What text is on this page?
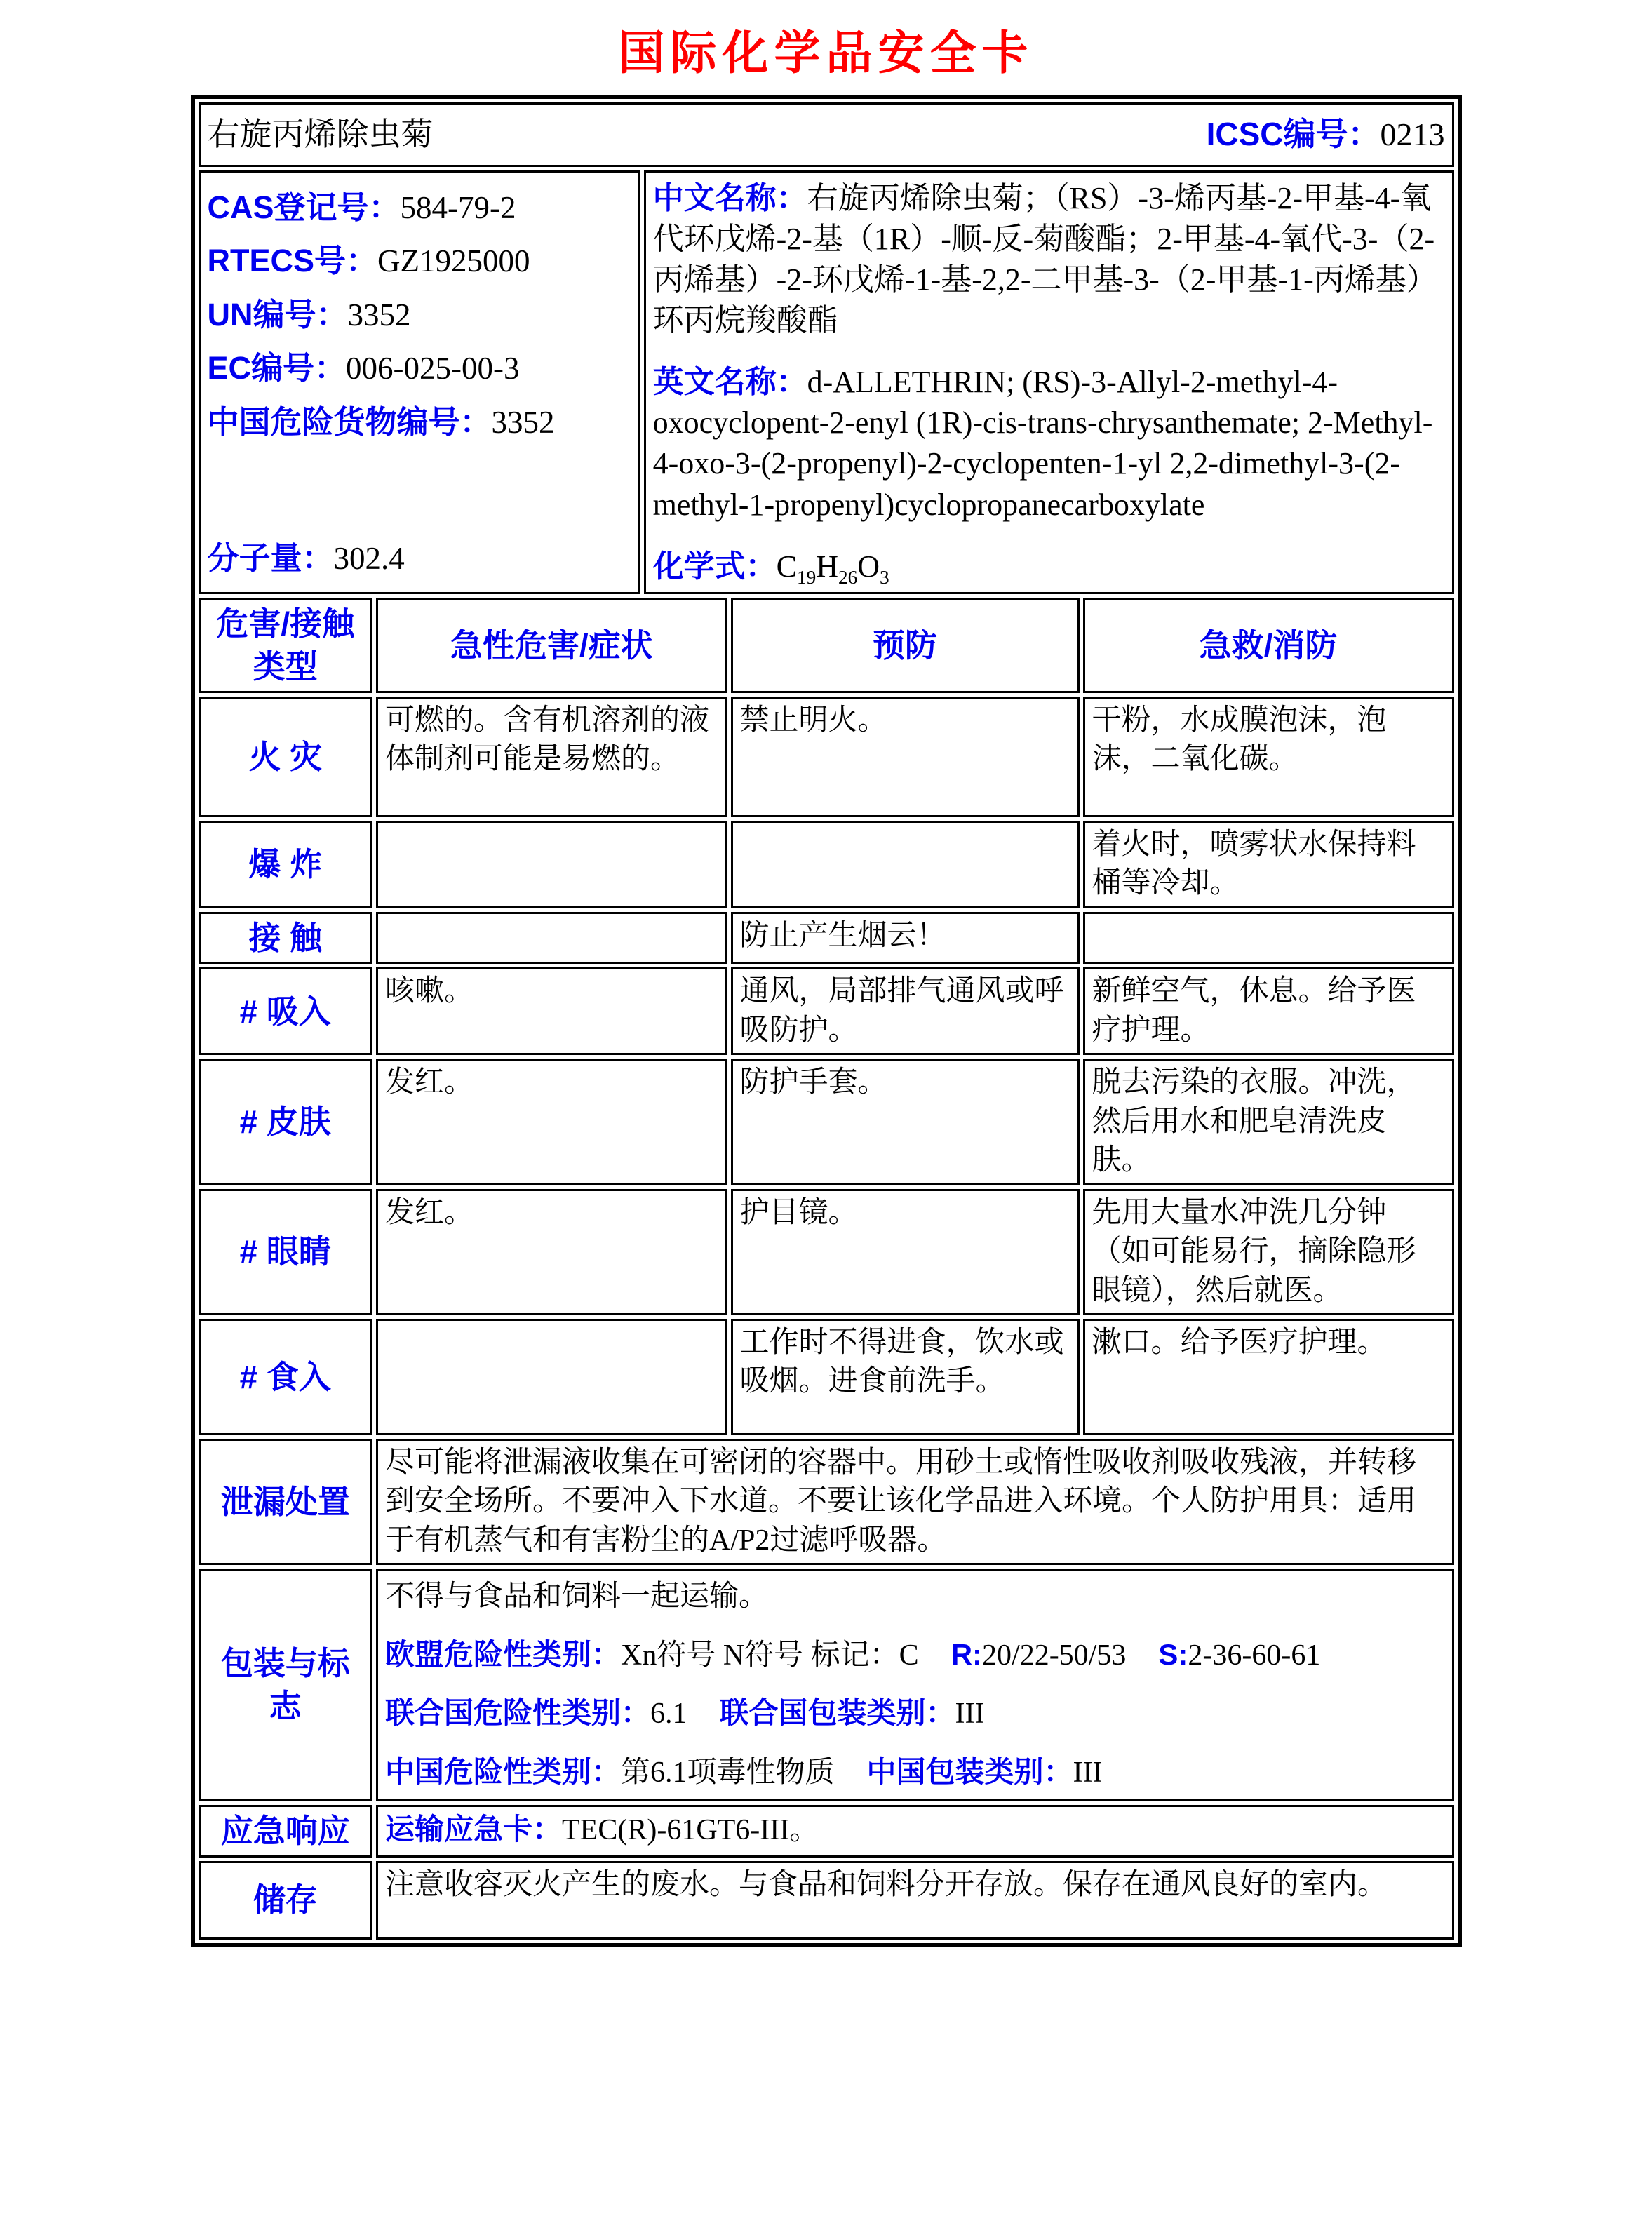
国际化学品安全卡
右旋丙烯除虫菊	ICSC编号：0213
CAS登记号：584-79-2
RTECS号：GZ1925000
UN编号：3352
EC编号：006-025-00-3
中国危险货物编号：3352
分子量：302.4

中文名称：右旋丙烯除虫菊；（RS）-3-烯丙基-2-甲基-4-氧代环戊烯-2-基（1R）-顺-反-菊酸酯；2-甲基-4-氧代-3-（2-丙烯基）-2-环戊烯-1-基-2,2-二甲基-3-（2-甲基-1-丙烯基）环丙烷羧酸酯
英文名称：d-ALLETHRIN; (RS)-3-Allyl-2-methyl-4-oxocyclopent-2-enyl (1R)-cis-trans-chrysanthemate; 2-Methyl-4-oxo-3-(2-propenyl)-2-cyclopenten-1-yl 2,2-dimethyl-3-(2-methyl-1-propenyl)cyclopropanecarboxylate
化学式：$C_{19}H_{26}O_3$
危害/接触
类型	急性危害/症状	预防	急救/消防
火 灾	可燃的。含有机溶剂的液体制剂可能是易燃的。	禁止明火。	干粉，水成膜泡沫，泡沫，二氧化碳。
爆 炸			着火时，喷雾状水保持料桶等冷却。
接 触		防止产生烟云！	
# 吸入	咳嗽。	通风，局部排气通风或呼吸防护。	新鲜空气，休息。给予医疗护理。
# 皮肤	发红。	防护手套。	脱去污染的衣服。冲洗，然后用水和肥皂清洗皮肤。
# 眼睛	发红。	护目镜。	先用大量水冲洗几分钟（如可能易行，摘除隐形眼镜），然后就医。
# 食入		工作时不得进食，饮水或吸烟。进食前洗手。	漱口。给予医疗护理。
泄漏处置	尽可能将泄漏液收集在可密闭的容器中。用砂土或惰性吸收剂吸收残液，并转移到安全场所。不要冲入下水道。不要让该化学品进入环境。个人防护用具：适用于有机蒸气和有害粉尘的A/P2过滤呼吸器。		
包装与标志	不得与食品和饲料一起运输。
欧盟危险性类别：Xn符号 N符号 标记：C R:20/22-50/53 S:2-36-60-61
联合国危险性类别：6.1 联合国包装类别：III
中国危险性类别：第6.1项毒性物质 中国包装类别：III		

应急响应	运输应急卡：TEC(R)-61GT6-III。		
储存	注意收容灭火产生的废水。与食品和饲料分开存放。保存在通风良好的室内。		
